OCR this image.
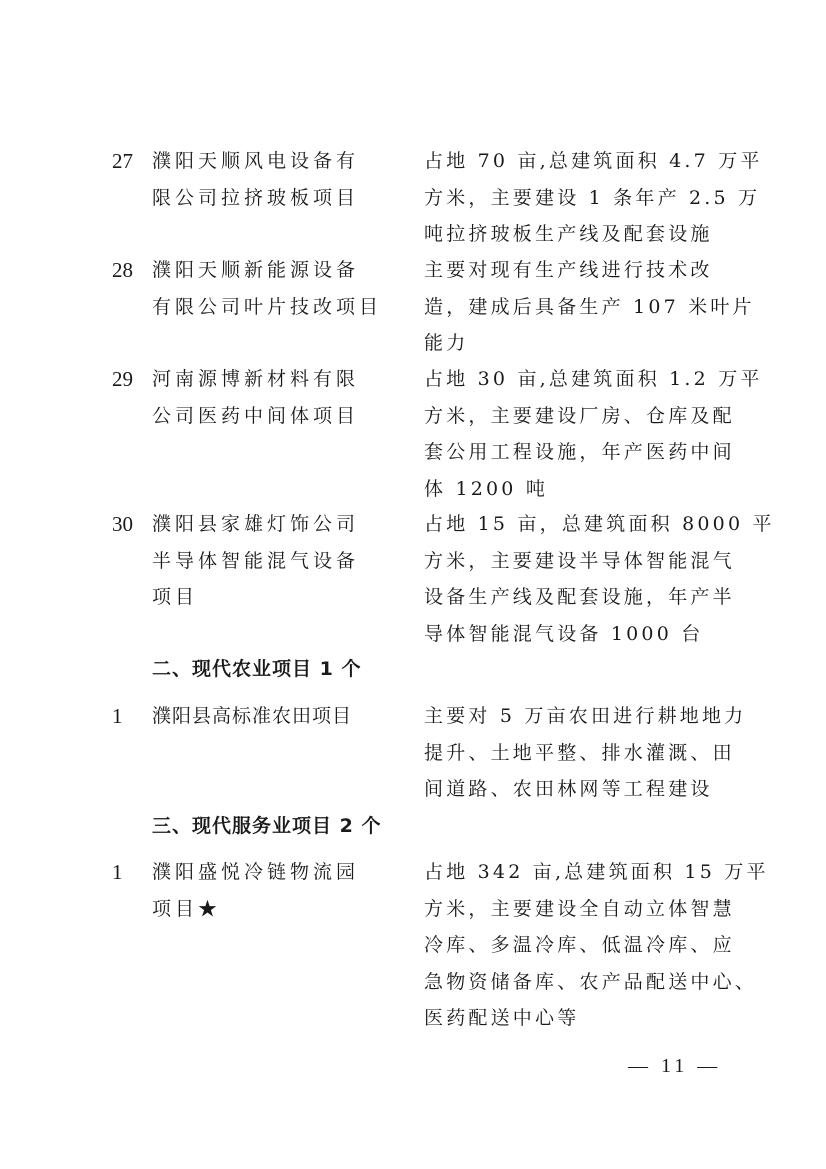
27 濮阳天顺风电设备有
限公司拉挤玻板项目
占地 70 亩,总建筑面积 4.7 万平
方米，主要建设 1 条年产 2.5 万
吨拉挤玻板生产线及配套设施
28 濮阳天顺新能源设备
有限公司叶片技改项目
主要对现有生产线进行技术改
造，建成后具备生产 107 米叶片
能力
29 河南源博新材料有限
公司医药中间体项目
占地 30 亩,总建筑面积 1.2 万平
方米，主要建设厂房、仓库及配
套公用工程设施，年产医药中间
体 1200 吨
30 濮阳县家雄灯饰公司
半导体智能混气设备
项目
占地 15 亩，总建筑面积 8000 平
方米，主要建设半导体智能混气
设备生产线及配套设施，年产半
导体智能混气设备 1000 台
二、现代农业项目 1 个
1 濮阳县高标准农田项目	主要对 5 万亩农田进行耕地地力
提升、土地平整、排水灌溉、田
间道路、农田林网等工程建设
三、现代服务业项目 2 个
1 濮阳盛悦冷链物流园
项目★
占地 342 亩,总建筑面积 15 万平
方米，主要建设全自动立体智慧
冷库、多温冷库、低温冷库、应
急物资储备库、农产品配送中心、
医药配送中心等
— 11 —
